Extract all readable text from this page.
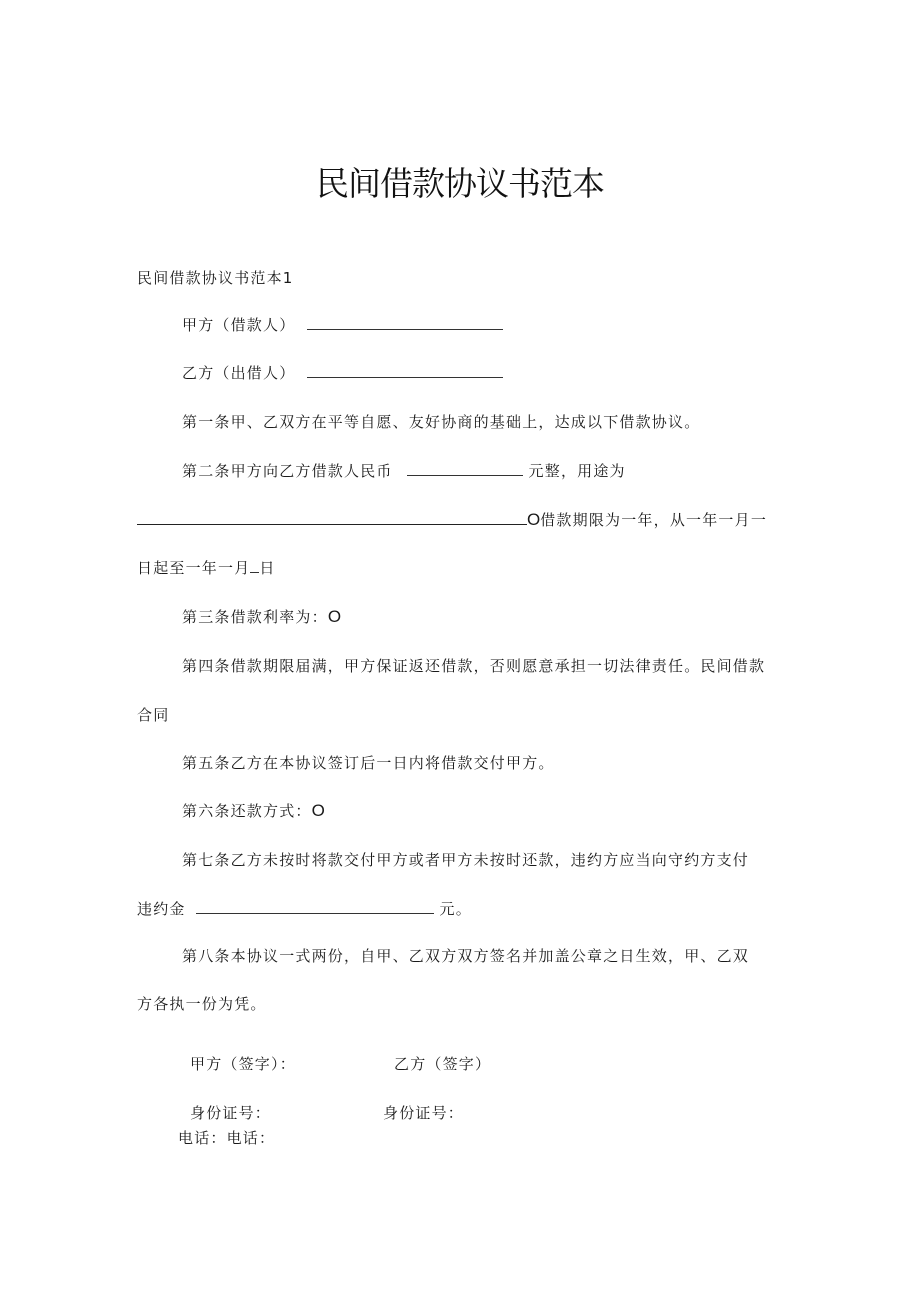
民间借款协议书范本
民间借款协议书范本1
甲方（借款人）
乙方（出借人）
第一条甲、乙双方在平等自愿、友好协商的基础上，达成以下借款协议。
第二条甲方向乙方借款人民币	元整，用途为
O借款期限为一年，从一年一月一
日起至一年一月 日
第三条借款利率为：O
第四条借款期限届满，甲方保证返还借款，否则愿意承担一切法律责任。民间借款
合同
第五条乙方在本协议签订后一日内将借款交付甲方。
第六条还款方式：O
第七条乙方未按时将款交付甲方或者甲方未按时还款，违约方应当向守约方支付
违约金	元。
第八条本协议一式两份，自甲、乙双方双方签名并加盖公章之日生效，甲、乙双
方各执一份为凭。
甲方（签字）：	乙方（签字）
身份证号：	身份证号：
电话：电话：
